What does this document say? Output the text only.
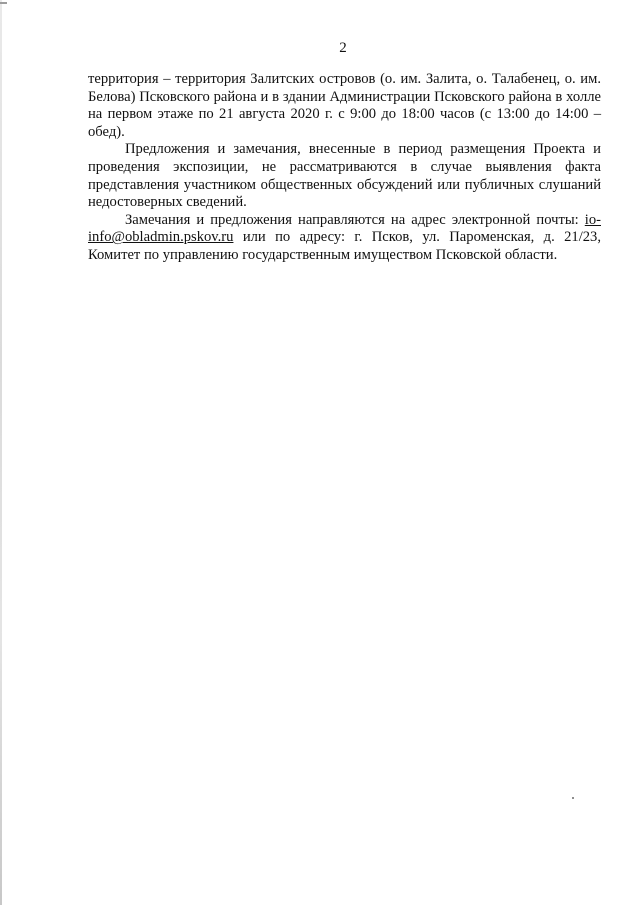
2

территория – территория Залитских островов (о. им. Залита, о. Талабенец, о. им. Белова) Псковского района и в здании Администрации Псковского района в холле на первом этаже по 21 августа 2020 г. с 9:00 до 18:00 часов (с 13:00 до 14:00 – обед).

Предложения и замечания, внесенные в период размещения Проекта и проведения экспозиции, не рассматриваются в случае выявления факта представления участником общественных обсуждений или публичных слушаний недостоверных сведений.

Замечания и предложения направляются на адрес электронной почты: io-info@obladmin.pskov.ru или по адресу: г. Псков, ул. Пароменская, д. 21/23, Комитет по управлению государственным имуществом Псковской области.
